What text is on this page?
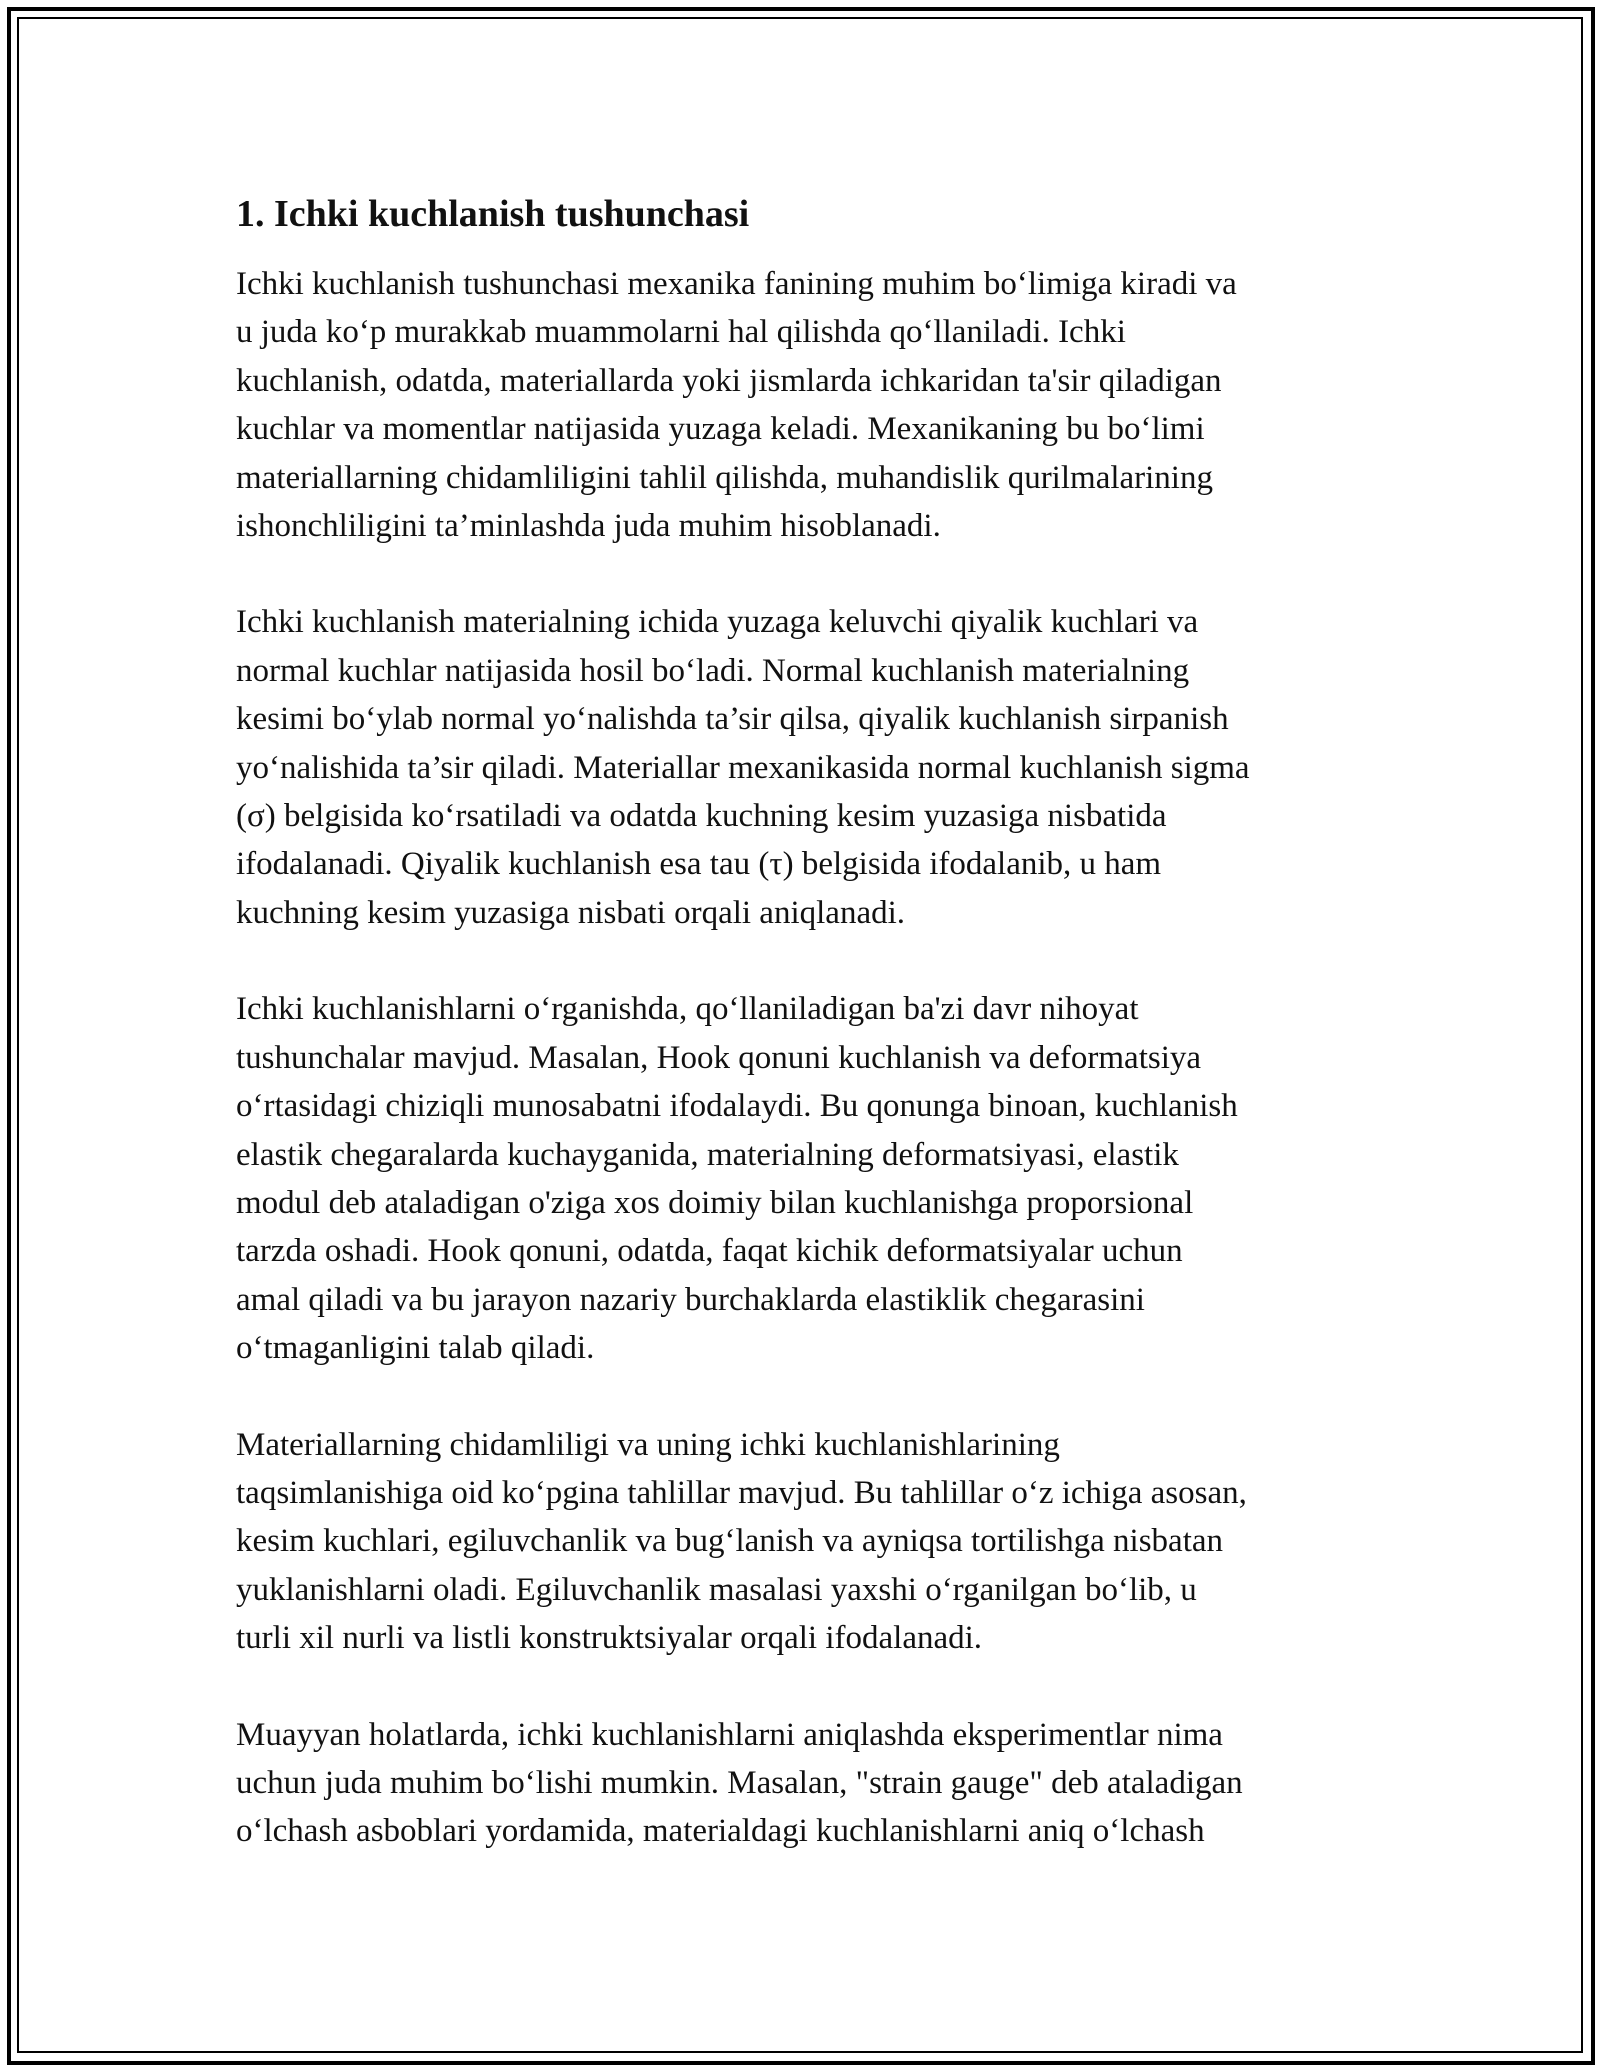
1. Ichki kuchlanish tushunchasi

Ichki kuchlanish tushunchasi mexanika fanining muhim bo‘limiga kiradi va
u juda ko‘p murakkab muammolarni hal qilishda qo‘llaniladi. Ichki
kuchlanish, odatda, materiallarda yoki jismlarda ichkaridan ta'sir qiladigan
kuchlar va momentlar natijasida yuzaga keladi. Mexanikaning bu bo‘limi
materiallarning chidamliligini tahlil qilishda, muhandislik qurilmalarining
ishonchliligini ta’minlashda juda muhim hisoblanadi.

Ichki kuchlanish materialning ichida yuzaga keluvchi qiyalik kuchlari va
normal kuchlar natijasida hosil bo‘ladi. Normal kuchlanish materialning
kesimi bo‘ylab normal yo‘nalishda ta’sir qilsa, qiyalik kuchlanish sirpanish
yo‘nalishida ta’sir qiladi. Materiallar mexanikasida normal kuchlanish sigma
(σ) belgisida ko‘rsatiladi va odatda kuchning kesim yuzasiga nisbatida
ifodalanadi. Qiyalik kuchlanish esa tau (τ) belgisida ifodalanib, u ham
kuchning kesim yuzasiga nisbati orqali aniqlanadi.

Ichki kuchlanishlarni o‘rganishda, qo‘llaniladigan ba'zi davr nihoyat
tushunchalar mavjud. Masalan, Hook qonuni kuchlanish va deformatsiya
o‘rtasidagi chiziqli munosabatni ifodalaydi. Bu qonunga binoan, kuchlanish
elastik chegaralarda kuchayganida, materialning deformatsiyasi, elastik
modul deb ataladigan o'ziga xos doimiy bilan kuchlanishga proporsional
tarzda oshadi. Hook qonuni, odatda, faqat kichik deformatsiyalar uchun
amal qiladi va bu jarayon nazariy burchaklarda elastiklik chegarasini
o‘tmaganligini talab qiladi.

Materiallarning chidamliligi va uning ichki kuchlanishlarining
taqsimlanishiga oid ko‘pgina tahlillar mavjud. Bu tahlillar o‘z ichiga asosan,
kesim kuchlari, egiluvchanlik va bug‘lanish va ayniqsa tortilishga nisbatan
yuklanishlarni oladi. Egiluvchanlik masalasi yaxshi o‘rganilgan bo‘lib, u
turli xil nurli va listli konstruktsiyalar orqali ifodalanadi.

Muayyan holatlarda, ichki kuchlanishlarni aniqlashda eksperimentlar nima
uchun juda muhim bo‘lishi mumkin. Masalan, "strain gauge" deb ataladigan
o‘lchash asboblari yordamida, materialdagi kuchlanishlarni aniq o‘lchash
